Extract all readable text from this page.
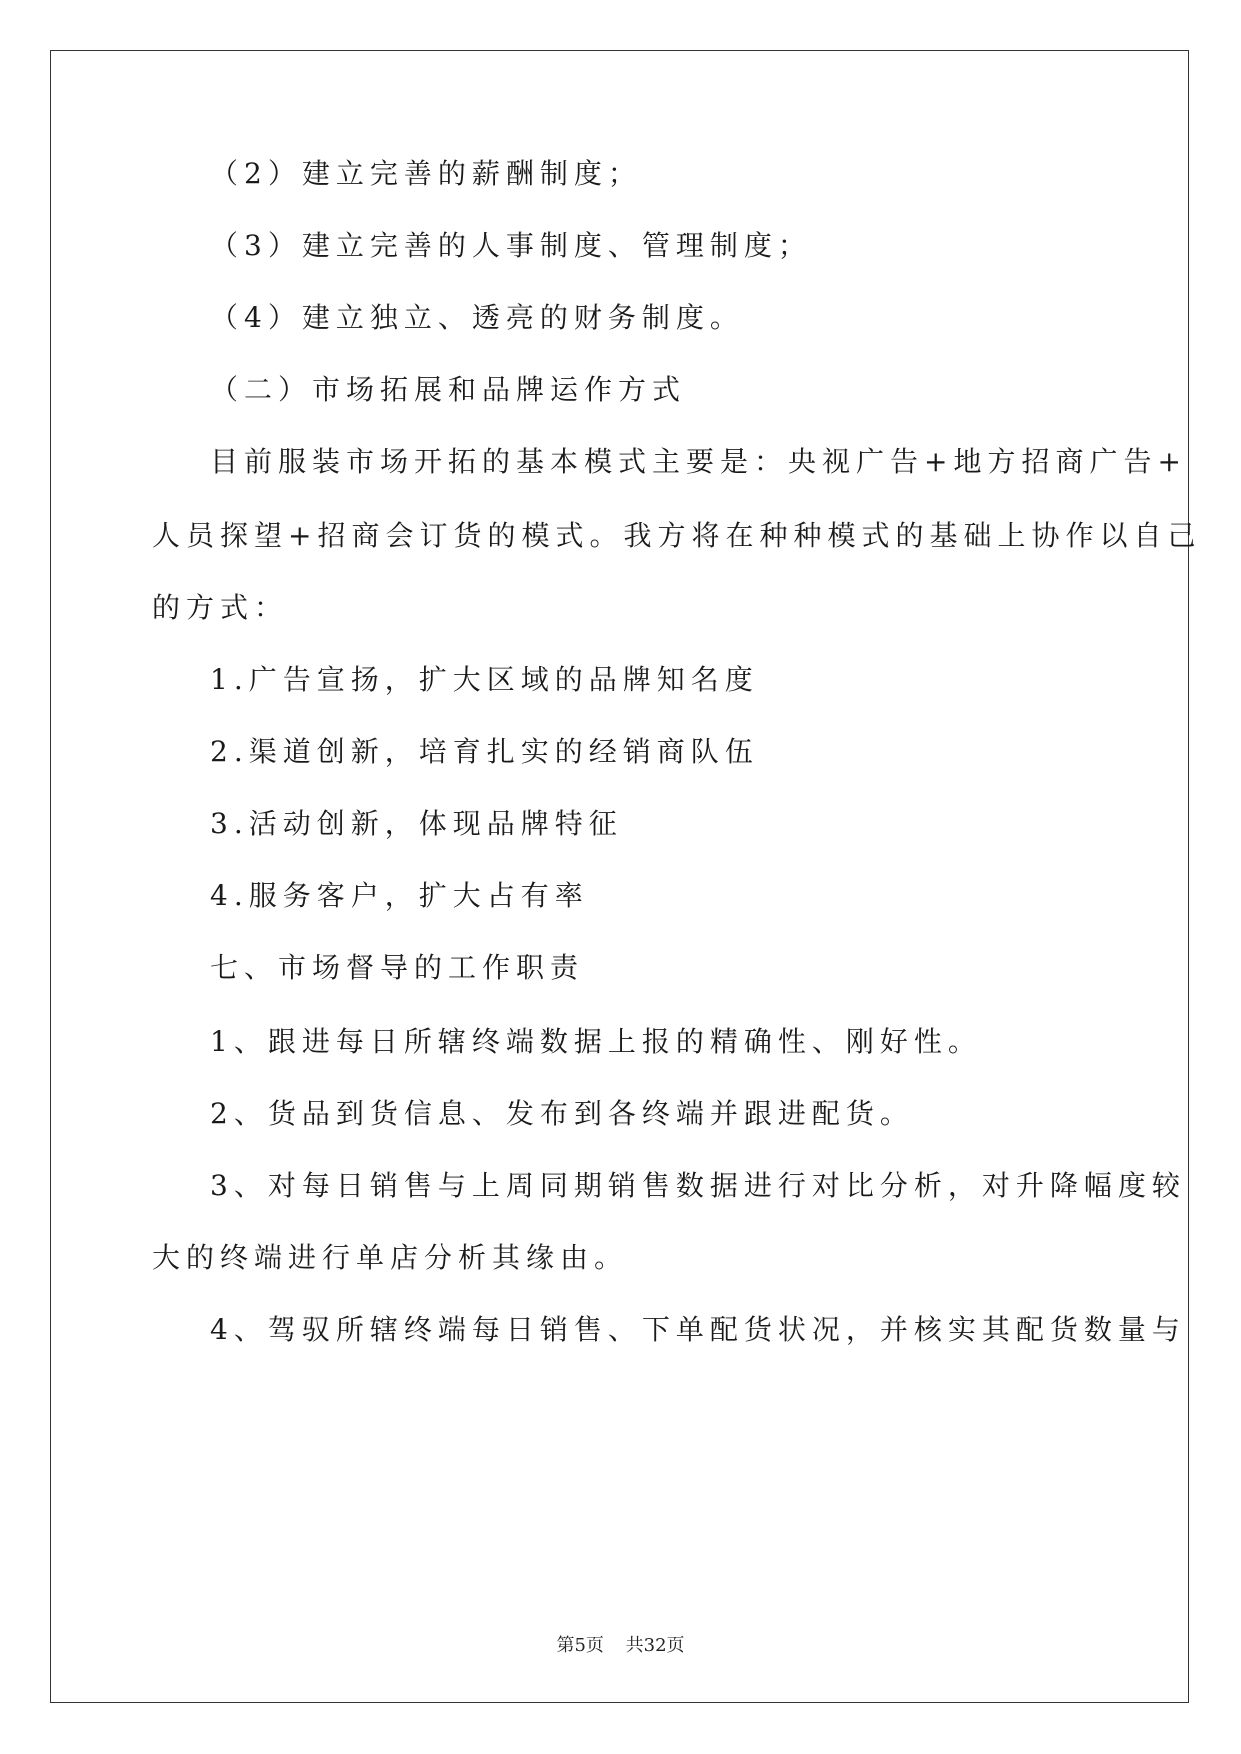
（2）建立完善的薪酬制度；
（3）建立完善的人事制度、管理制度；
（4）建立独立、透亮的财务制度。
（二）市场拓展和品牌运作方式
目前服装市场开拓的基本模式主要是：央视广告+地方招商广告+
人员探望+招商会订货的模式。我方将在种种模式的基础上协作以自己
的方式：
1.广告宣扬，扩大区域的品牌知名度
2.渠道创新，培育扎实的经销商队伍
3.活动创新，体现品牌特征
4.服务客户，扩大占有率
七、市场督导的工作职责
1、跟进每日所辖终端数据上报的精确性、刚好性。
2、货品到货信息、发布到各终端并跟进配货。
3、对每日销售与上周同期销售数据进行对比分析，对升降幅度较
大的终端进行单店分析其缘由。
4、驾驭所辖终端每日销售、下单配货状况，并核实其配货数量与
第5页 共32页
